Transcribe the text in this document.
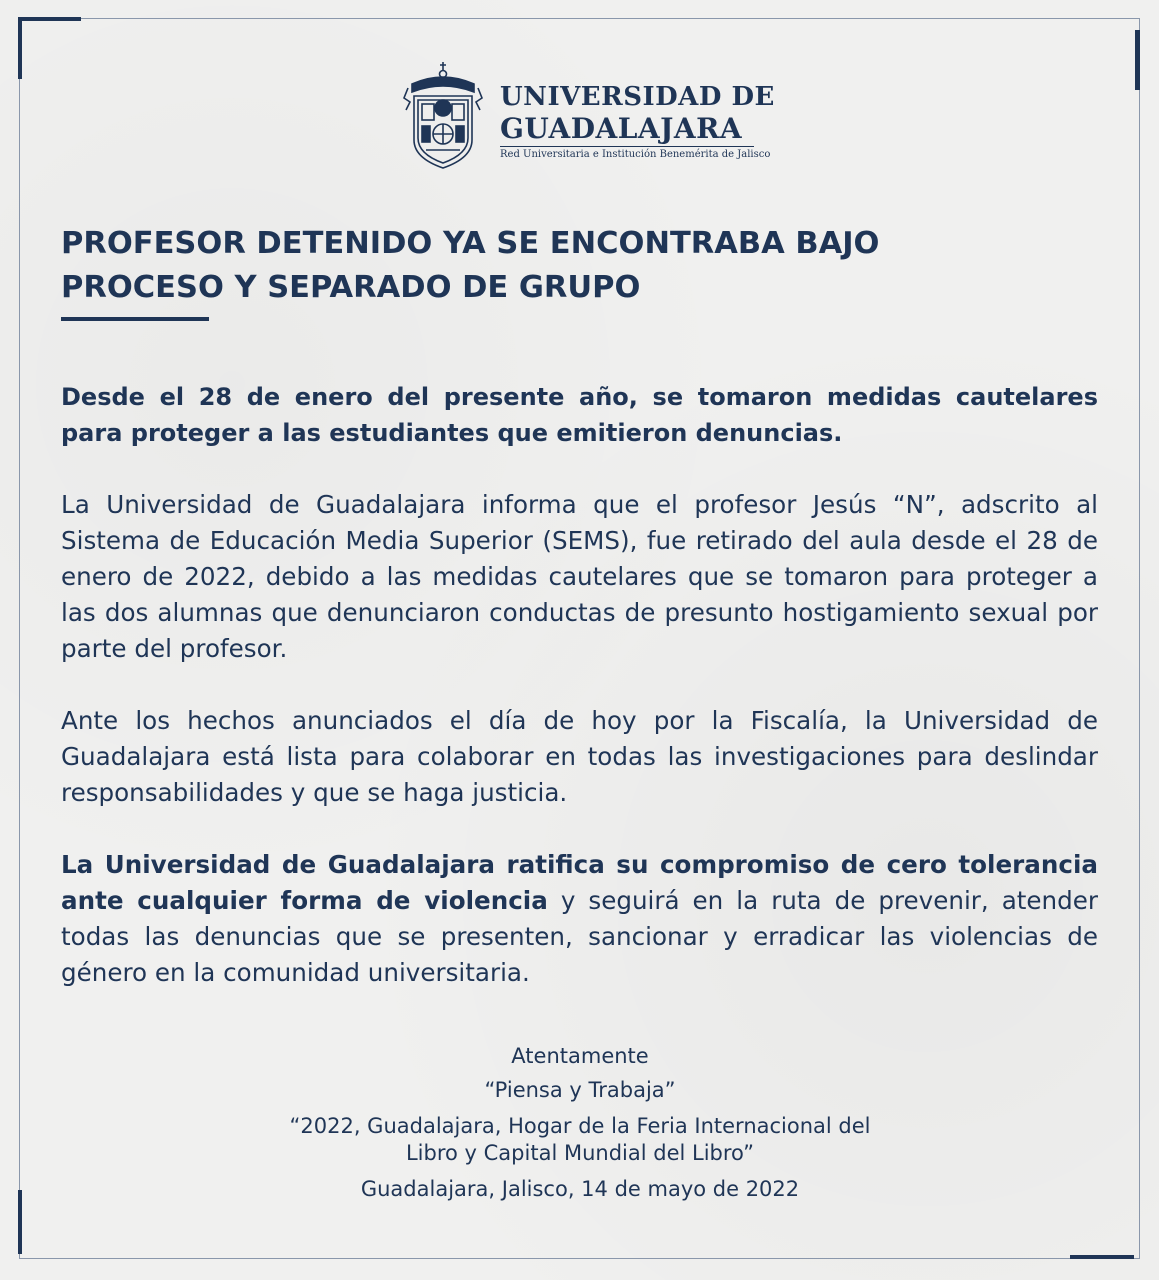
UNIVERSIDAD DE
GUADALAJARA
Red Universitaria e Institución Benemérita de Jalisco
PROFESOR DETENIDO YA SE ENCONTRABA BAJO
PROCESO Y SEPARADO DE GRUPO
Desde el 28 de enero del presente año, se tomaron medidas cautelares para proteger a las estudiantes que emitieron denuncias.
La Universidad de Guadalajara informa que el profesor Jesús “N”, adscrito al Sistema de Educación Media Superior (SEMS), fue retirado del aula desde el 28 de enero de 2022, debido a las medidas cautelares que se tomaron para proteger a las dos alumnas que denunciaron conductas de presunto hostigamiento sexual por parte del profesor.
Ante los hechos anunciados el día de hoy por la Fiscalía, la Universidad de Guadalajara está lista para colaborar en todas las investigaciones para deslindar responsabilidades y que se haga justicia.
La Universidad de Guadalajara ratifica su compromiso de cero tolerancia ante cualquier forma de violencia y seguirá en la ruta de prevenir, atender todas las denuncias que se presenten, sancionar y erradicar las violencias de género en la comunidad universitaria.
Atentamente
“Piensa y Trabaja”
“2022, Guadalajara, Hogar de la Feria Internacional del
Libro y Capital Mundial del Libro”
Guadalajara, Jalisco, 14 de mayo de 2022
